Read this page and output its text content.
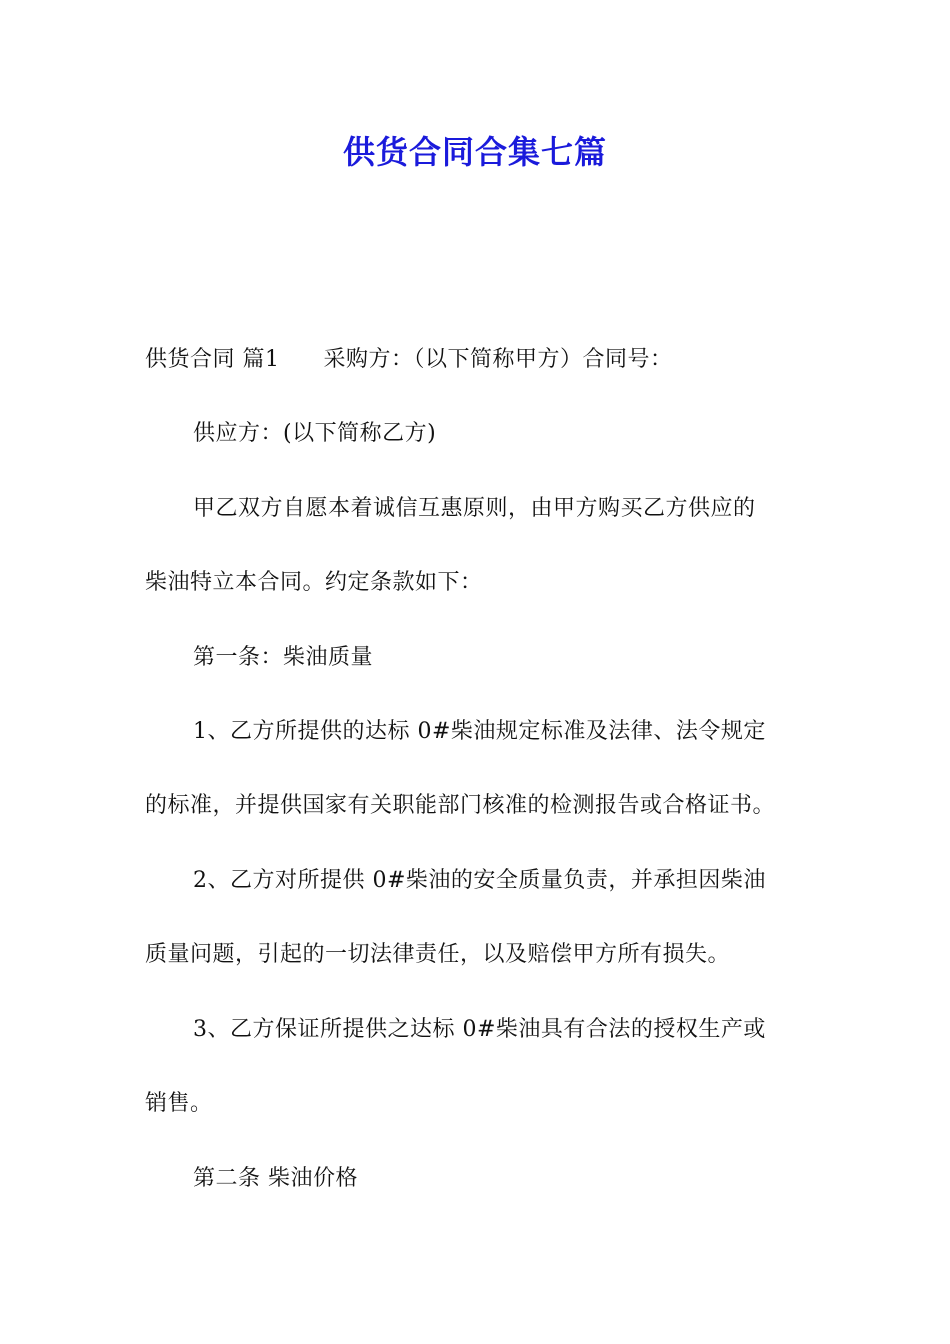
供货合同合集七篇
供货合同 篇1 采购方：（以下简称甲方）合同号：
供应方：(以下简称乙方)
甲乙双方自愿本着诚信互惠原则，由甲方购买乙方供应的
柴油特立本合同。约定条款如下：
第一条：柴油质量
1、乙方所提供的达标 0#柴油规定标准及法律、法令规定
的标准，并提供国家有关职能部门核准的检测报告或合格证书。
2、乙方对所提供 0#柴油的安全质量负责，并承担因柴油
质量问题，引起的一切法律责任，以及赔偿甲方所有损失。
3、乙方保证所提供之达标 0#柴油具有合法的授权生产或
销售。
第二条 柴油价格
